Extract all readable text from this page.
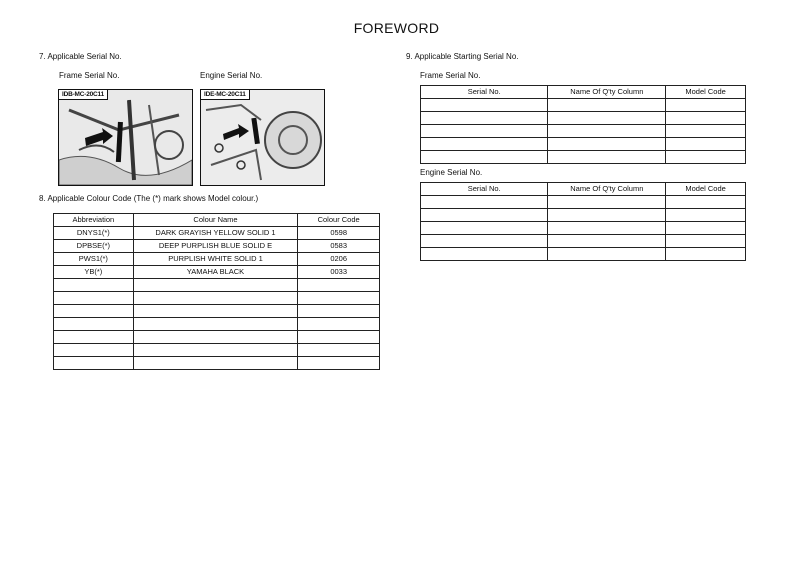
FOREWORD
7. Applicable Serial No.
Frame Serial No.	Engine Serial No.
IDB-MC-20C11	IDE-MC-20C11
8. Applicable Colour Code (The (*) mark shows Model colour.)
Abbreviation	Colour Name	Colour Code
DNYS1(*)	DARK GRAYISH YELLOW SOLID 1	0598
DPBSE(*)	DEEP PURPLISH BLUE SOLID E	0583
PWS1(*)	PURPLISH WHITE SOLID 1	0206
YB(*)	YAMAHA BLACK	0033

9. Applicable Starting Serial No.
Frame Serial No.
Serial No.	Name Of Q'ty Column	Model Code

Engine Serial No.
Serial No.	Name Of Q'ty Column	Model Code
